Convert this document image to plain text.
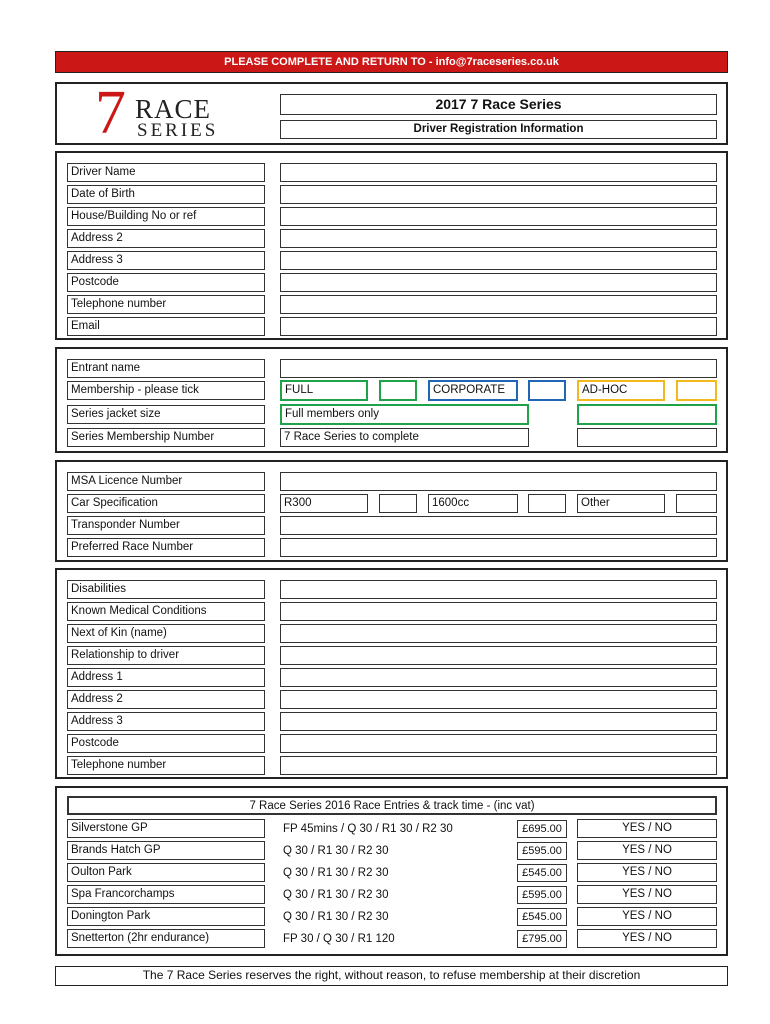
PLEASE COMPLETE AND RETURN TO - info@7raceseries.co.uk
7 RACE
SERIES
2017 7 Race Series
Driver Registration Information
Driver Name
Date of Birth
House/Building No or ref
Address 2
Address 3
Postcode
Telephone number
Email
Entrant name
Membership - please tick	FULL	CORPORATE	AD-HOC
Series jacket size	Full members only
Series Membership Number	7 Race Series to complete
MSA Licence Number
Car Specification	R300	1600cc	Other
Transponder Number
Preferred Race Number
Disabilities
Known Medical Conditions
Next of Kin (name)
Relationship to driver
Address 1
Address 2
Address 3
Postcode
Telephone number
7 Race Series 2016 Race Entries & track time - (inc vat)
Silverstone GP	FP 45mins / Q 30 / R1 30 / R2 30	£695.00	YES / NO
Brands Hatch GP	Q 30 / R1 30 / R2 30	£595.00	YES / NO
Oulton Park	Q 30 / R1 30 / R2 30	£545.00	YES / NO
Spa Francorchamps	Q 30 / R1 30 / R2 30	£595.00	YES / NO
Donington Park	Q 30 / R1 30 / R2 30	£545.00	YES / NO
Snetterton (2hr endurance)	FP 30 / Q 30 / R1 120	£795.00	YES / NO
The 7 Race Series reserves the right, without reason, to refuse membership at their discretion
